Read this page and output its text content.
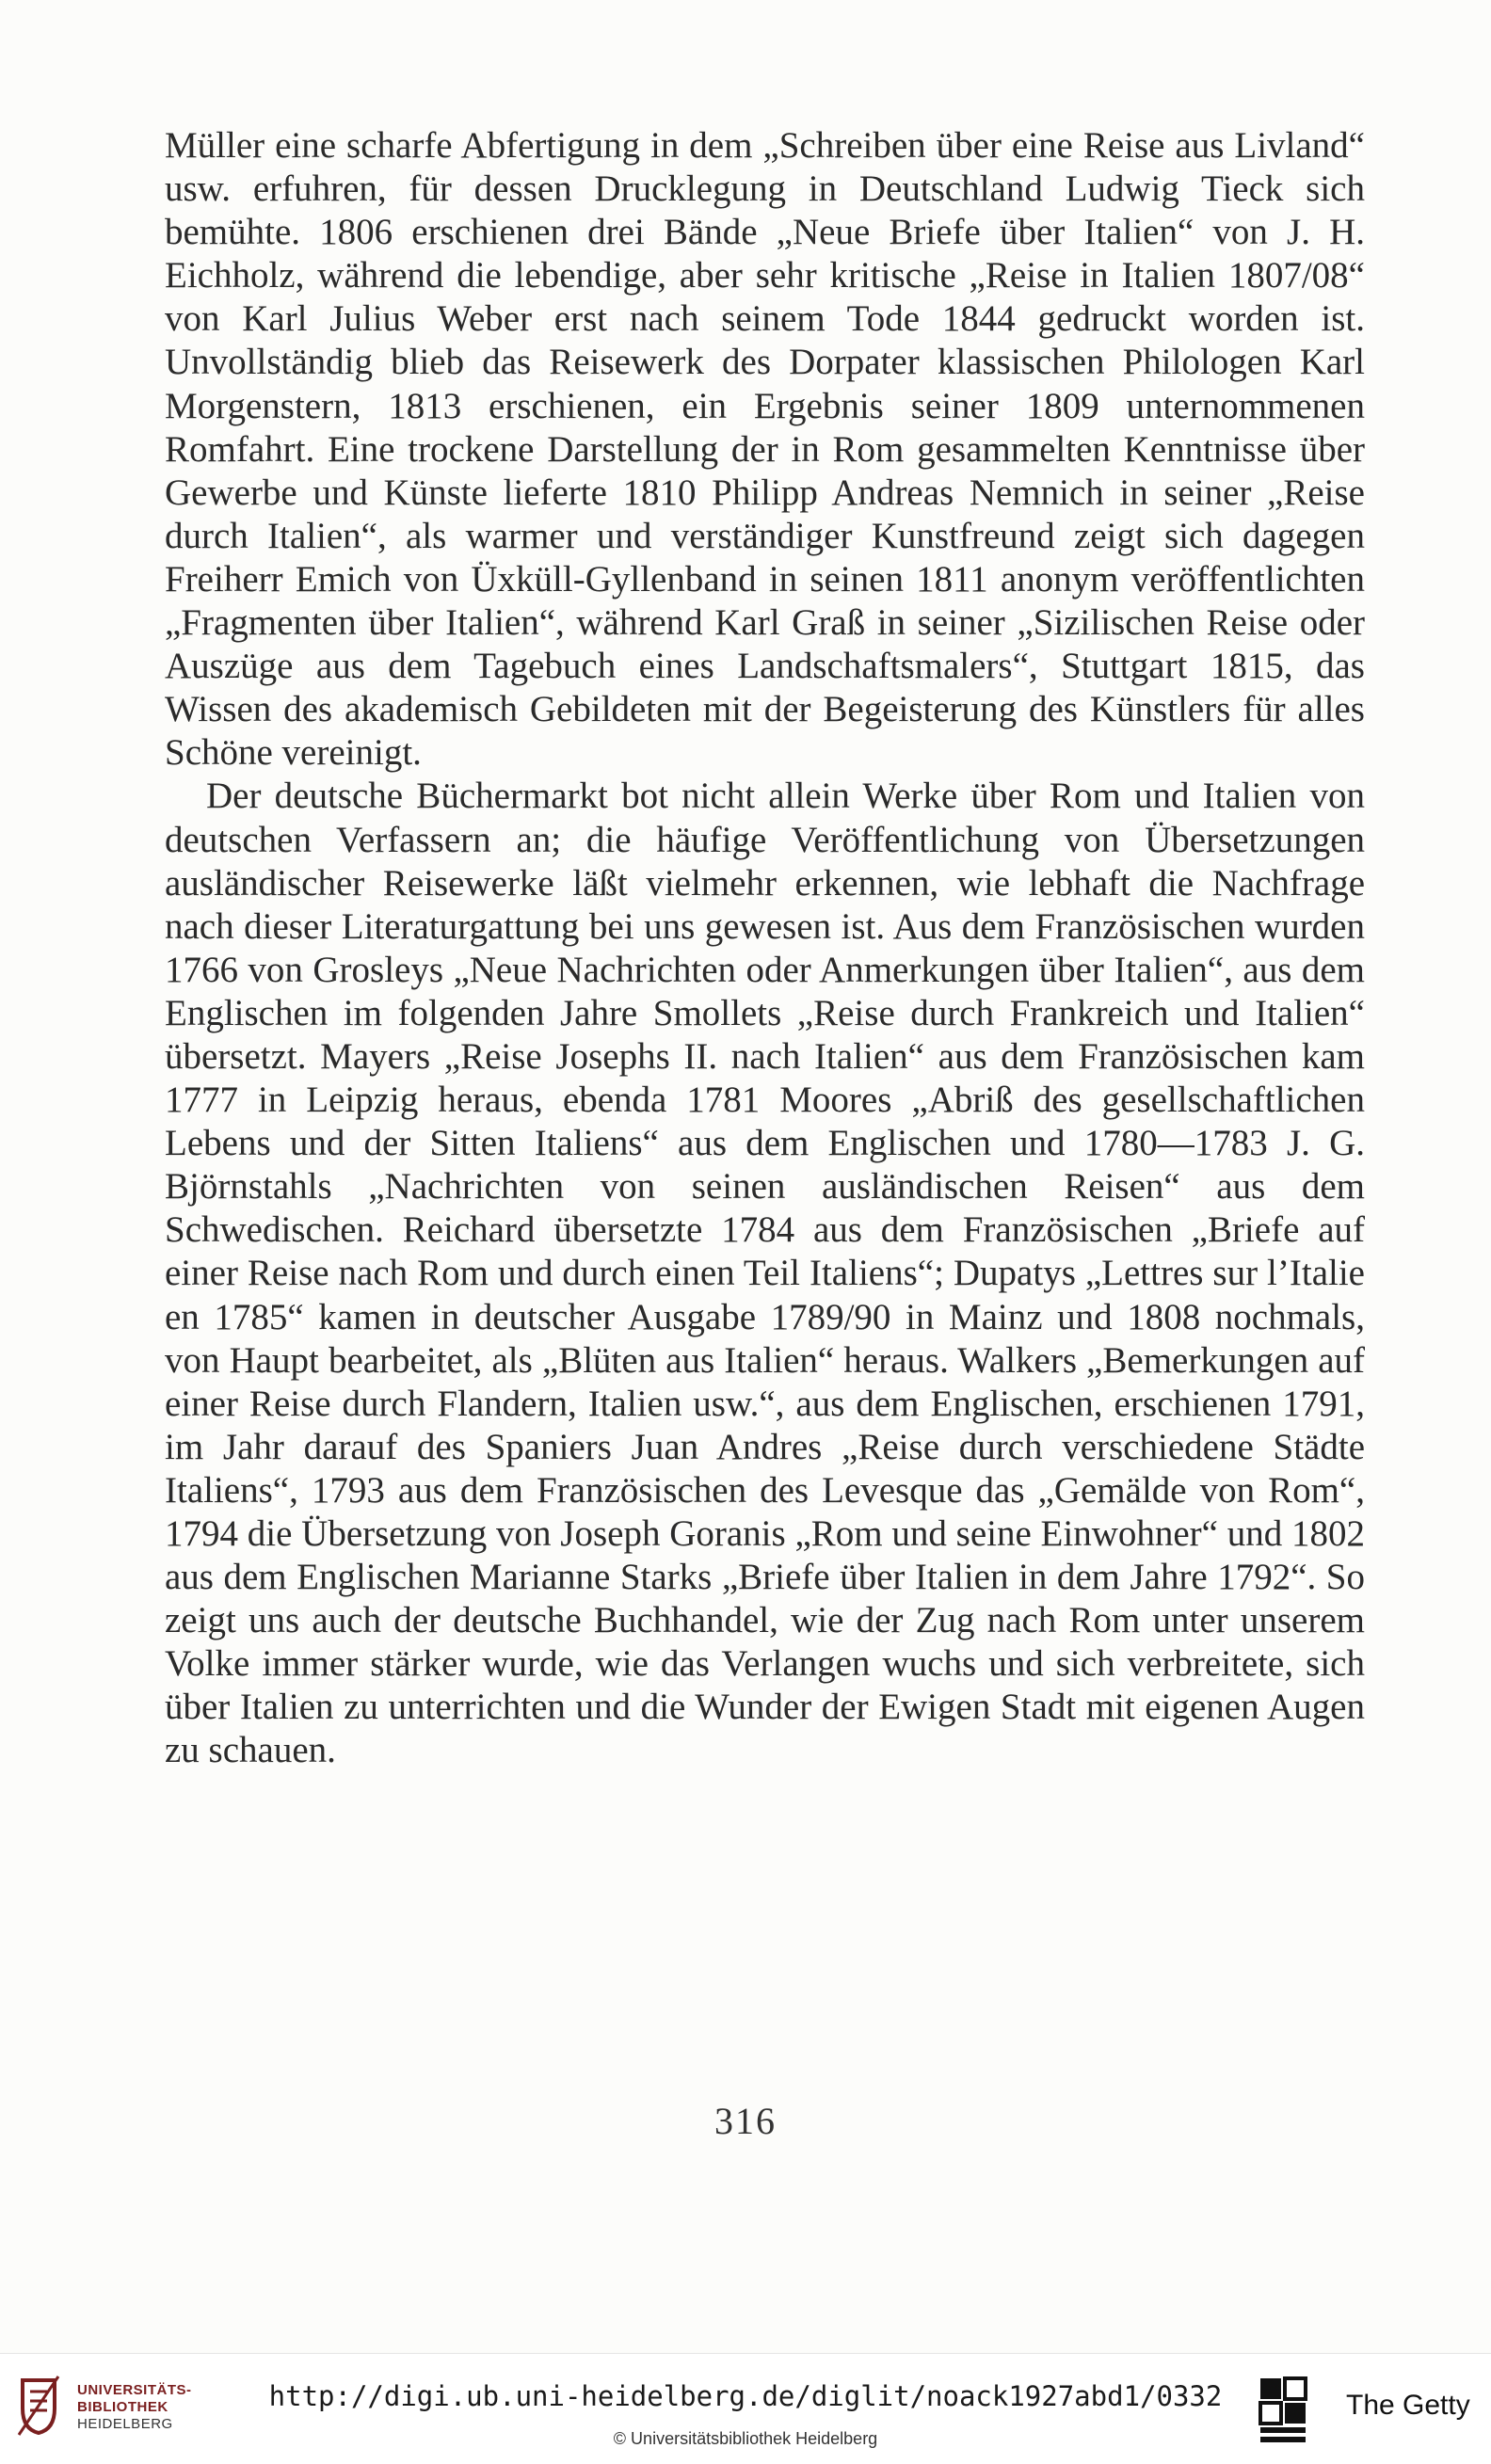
Müller eine scharfe Abfertigung in dem „Schreiben über eine Reise aus Livland“ usw. erfuhren, für dessen Drucklegung in Deutschland Ludwig Tieck sich bemühte. 1806 erschienen drei Bände „Neue Briefe über Italien“ von J. H. Eichholz, während die lebendige, aber sehr kritische „Reise in Italien 1807/08“ von Karl Julius Weber erst nach seinem Tode 1844 gedruckt worden ist. Unvollständig blieb das Reisewerk des Dorpater klassischen Philologen Karl Morgenstern, 1813 erschienen, ein Ergebnis seiner 1809 unternommenen Romfahrt. Eine trockene Darstellung der in Rom gesammelten Kenntnisse über Gewerbe und Künste lieferte 1810 Philipp Andreas Nemnich in seiner „Reise durch Italien“, als warmer und verständiger Kunstfreund zeigt sich dagegen Freiherr Emich von Üxküll-Gyllenband in seinen 1811 anonym veröffentlichten „Fragmenten über Italien“, während Karl Graß in seiner „Sizilischen Reise oder Auszüge aus dem Tagebuch eines Landschaftsmalers“, Stuttgart 1815, das Wissen des akademisch Gebildeten mit der Begeisterung des Künstlers für alles Schöne vereinigt.

Der deutsche Büchermarkt bot nicht allein Werke über Rom und Italien von deutschen Verfassern an; die häufige Veröffentlichung von Übersetzungen ausländischer Reisewerke läßt vielmehr erkennen, wie lebhaft die Nachfrage nach dieser Literaturgattung bei uns gewesen ist. Aus dem Französischen wurden 1766 von Grosleys „Neue Nachrichten oder Anmerkungen über Italien“, aus dem Englischen im folgenden Jahre Smollets „Reise durch Frankreich und Italien“ übersetzt. Mayers „Reise Josephs II. nach Italien“ aus dem Französischen kam 1777 in Leipzig heraus, ebenda 1781 Moores „Abriß des gesellschaftlichen Lebens und der Sitten Italiens“ aus dem Englischen und 1780—1783 J. G. Björnstahls „Nachrichten von seinen ausländischen Reisen“ aus dem Schwedischen. Reichard übersetzte 1784 aus dem Französischen „Briefe auf einer Reise nach Rom und durch einen Teil Italiens“; Dupatys „Lettres sur l’Italie en 1785“ kamen in deutscher Ausgabe 1789/90 in Mainz und 1808 nochmals, von Haupt bearbeitet, als „Blüten aus Italien“ heraus. Walkers „Bemerkungen auf einer Reise durch Flandern, Italien usw.“, aus dem Englischen, erschienen 1791, im Jahr darauf des Spaniers Juan Andres „Reise durch verschiedene Städte Italiens“, 1793 aus dem Französischen des Levesque das „Gemälde von Rom“, 1794 die Übersetzung von Joseph Goranis „Rom und seine Einwohner“ und 1802 aus dem Englischen Marianne Starks „Briefe über Italien in dem Jahre 1792“. So zeigt uns auch der deutsche Buchhandel, wie der Zug nach Rom unter unserem Volke immer stärker wurde, wie das Verlangen wuchs und sich verbreitete, sich über Italien zu unterrichten und die Wunder der Ewigen Stadt mit eigenen Augen zu schauen.

316
UNIVERSITÄTS-
BIBLIOTHEK
HEIDELBERG
http://digi.ub.uni-heidelberg.de/diglit/noack1927abd1/0332
© Universitätsbibliothek Heidelberg
The Getty
